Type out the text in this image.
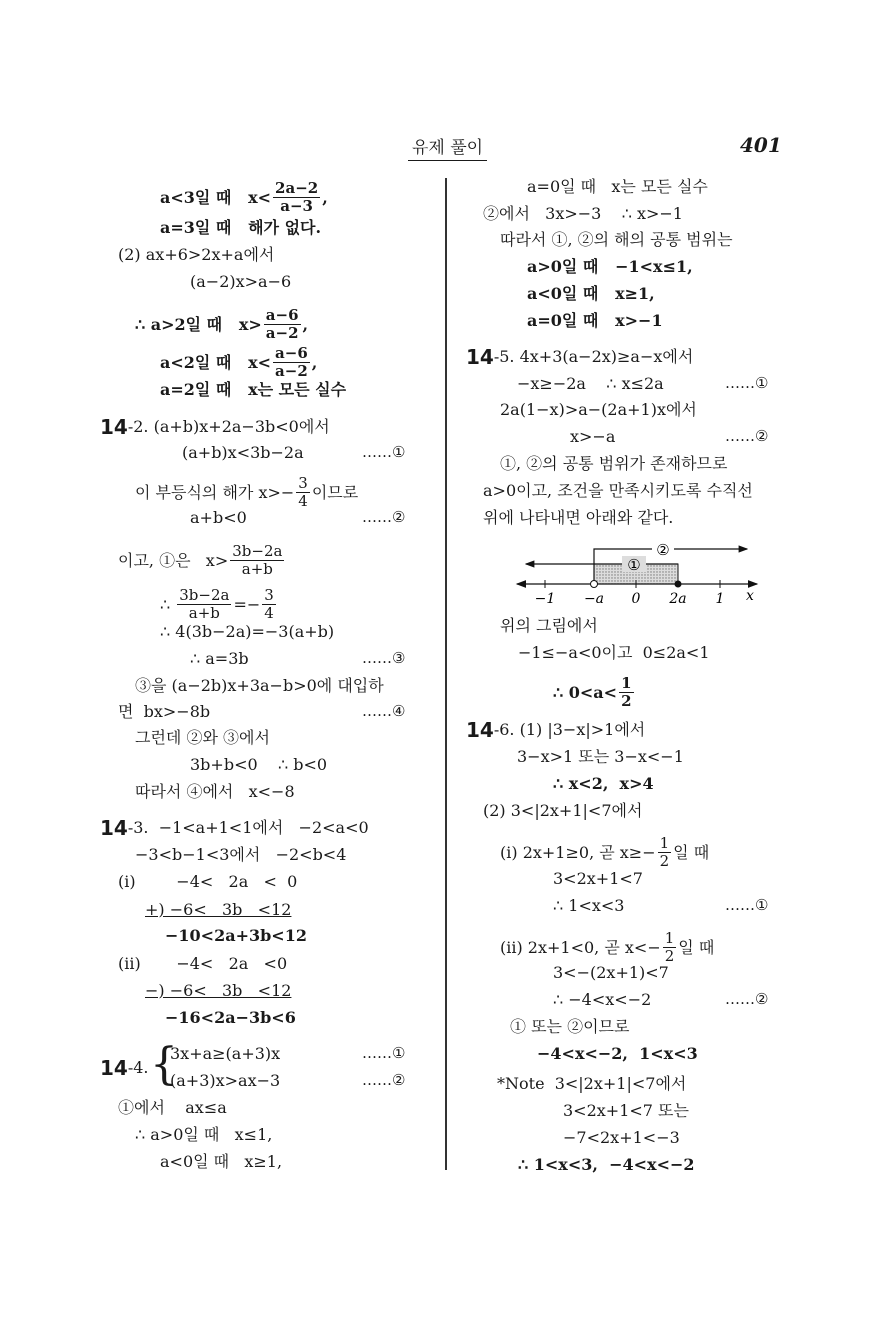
유제 풀이	401
{
①
②
−1 −a 0 2a 1 x
a<3일 때   $x< \frac{2a-2}{a-3}$ ,
a=3일 때   해가 없다.
(2) ax+6>2x+a에서
(a−2)x>a−6
∴ a>2일 때   $x> \frac{a-6}{a-2}$ ,
a<2일 때   $x< \frac{a-6}{a-2}$ ,
a=2일 때   x는 모든 실수
14 -2. (a+b)x+2a−3b<0에서
(a+b)x<3b−2a
이 부등식의 해가 $x>- \frac{3}{4}$ 이므로
a+b<0
이고, ①은   $x> \frac{3b-2a}{a+b}$
∴ $\frac{3b-2a}{a+b} =- \frac{3}{4}$
∴ 4(3b−2a)=−3(a+b)
∴ a=3b
③을 (a−2b)x+3a−b>0에 대입하
면  bx>−8b
그런데 ②와 ③에서
3b+b<0    ∴ b<0
따라서 ④에서   x<−8
14 -3.  −1<a+1<1에서   −2<a<0
−3<b−1<3에서   −2<b<4
(i)        −4<   2a   <  0
+) −6<   3b   <12
−10<2a+3b<12
(ii)       −4<   2a   <0
−) −6<   3b   <12
−16<2a−3b<6
14 -4.
3x+a≥(a+3)x
(a+3)x>ax−3
①에서    ax≤a
∴ a>0일 때   x≤1,
a<0일 때   x≥1,
a=0일 때   x는 모든 실수
②에서   3x>−3    ∴ x>−1
따라서 ①, ②의 해의 공통 범위는
a>0일 때   −1<x≤1,
a<0일 때   x≥1,
a=0일 때   x>−1
14 -5. 4x+3(a−2x)≥a−x에서
−x≥−2a    ∴ x≤2a
2a(1−x)>a−(2a+1)x에서
x>−a
①, ②의 공통 범위가 존재하므로
a>0이고, 조건을 만족시키도록 수직선
위에 나타내면 아래와 같다.
위의 그림에서
−1≤−a<0이고  0≤2a<1
∴ $0<a< \frac{1}{2}$
14 -6. (1) |3−x|>1에서
3−x>1 또는 3−x<−1
∴ x<2,  x>4
(2) 3<|2x+1|<7에서
(i) 2x+1≥0, 곧 $x\ge- \frac{1}{2}$ 일 때
3<2x+1<7
∴ 1<x<3
(ii) 2x+1<0, 곧 $x<- \frac{1}{2}$ 일 때
3<−(2x+1)<7
∴ −4<x<−2
① 또는 ②이므로
−4<x<−2,  1<x<3
*Note  3<|2x+1|<7에서
3<2x+1<7 또는
−7<2x+1<−3
∴ 1<x<3,  −4<x<−2
……①
……②
……③
……④
……①
……②
……①
……②
……①
……②
